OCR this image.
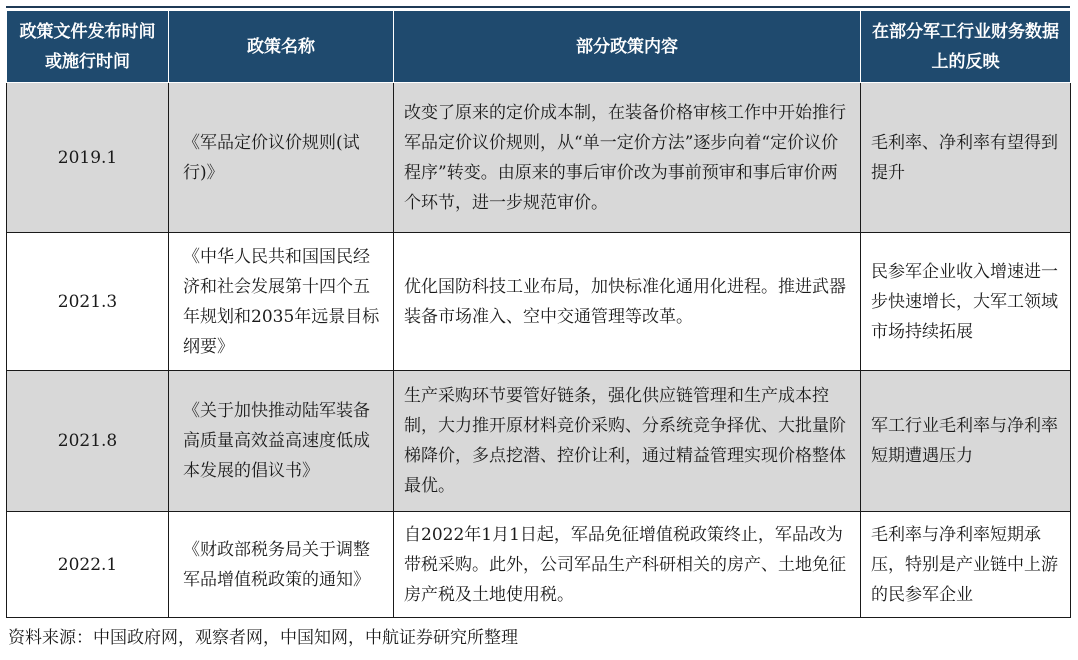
政策文件发布时间或施行时间	政策名称	部分政策内容	在部分军工行业财务数据上的反映
2019.1	《军品定价议价规则(试行)》	改变了原来的定价成本制，在装备价格审核工作中开始推行军品定价议价规则，从“单一定价方法”逐步向着“定价议价程序”转变。由原来的事后审价改为事前预审和事后审价两个环节，进一步规范审价。	毛利率、净利率有望得到提升
2021.3	《中华人民共和国国民经济和社会发展第十四个五年规划和2035年远景目标纲要》	优化国防科技工业布局，加快标准化通用化进程。推进武器装备市场准入、空中交通管理等改革。	民参军企业收入增速进一步快速增长，大军工领域市场持续拓展
2021.8	《关于加快推动陆军装备高质量高效益高速度低成本发展的倡议书》	生产采购环节要管好链条，强化供应链管理和生产成本控制，大力推开原材料竞价采购、分系统竞争择优、大批量阶梯降价，多点挖潜、控价让利，通过精益管理实现价格整体最优。	军工行业毛利率与净利率短期遭遇压力
2022.1	《财政部税务局关于调整军品增值税政策的通知》	自2022年1月1日起，军品免征增值税政策终止，军品改为带税采购。此外，公司军品生产科研相关的房产、土地免征房产税及土地使用税。	毛利率与净利率短期承压，特别是产业链中上游的民参军企业
资料来源：中国政府网，观察者网，中国知网，中航证券研究所整理
